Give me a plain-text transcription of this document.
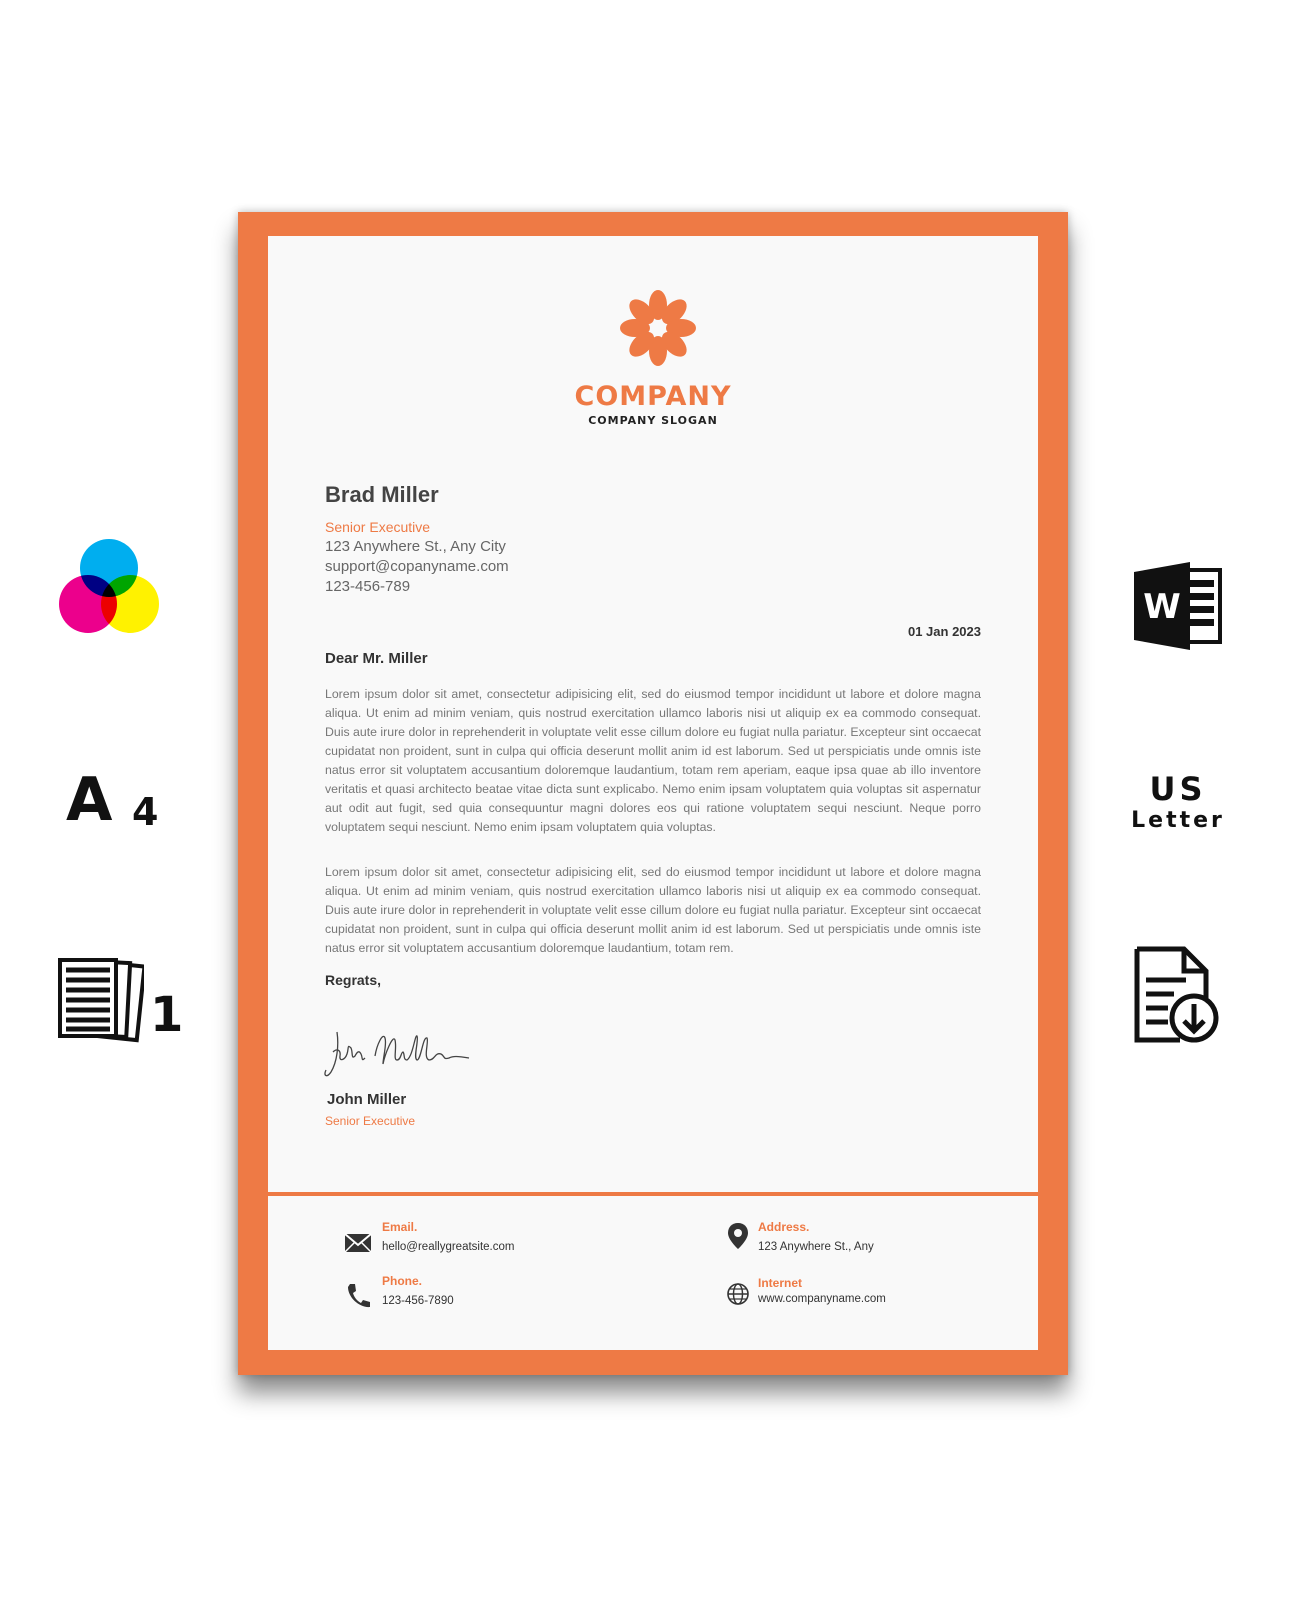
A 4
1
W
US
Letter
COMPANY
COMPANY SLOGAN
Brad Miller
Senior Executive
123 Anywhere St., Any City
support@copanyname.com
123-456-789
01 Jan 2023
Dear Mr. Miller
Lorem ipsum dolor sit amet, consectetur adipisicing elit, sed do eiusmod tempor incididunt ut labore et dolore magna aliqua. Ut enim ad minim veniam, quis nostrud exercitation ullamco laboris nisi ut aliquip ex ea commodo consequat. Duis aute irure dolor in reprehenderit in voluptate velit esse cillum dolore eu fugiat nulla pariatur. Excepteur sint occaecat cupidatat non proident, sunt in culpa qui officia deserunt mollit anim id est laborum. Sed ut perspiciatis unde omnis iste natus error sit voluptatem accusantium doloremque laudantium, totam rem aperiam, eaque ipsa quae ab illo inventore veritatis et quasi architecto beatae vitae dicta sunt explicabo. Nemo enim ipsam voluptatem quia voluptas sit aspernatur aut odit aut fugit, sed quia consequuntur magni dolores eos qui ratione voluptatem sequi nesciunt. Neque porro voluptatem sequi nesciunt. Nemo enim ipsam voluptatem quia voluptas.
Lorem ipsum dolor sit amet, consectetur adipisicing elit, sed do eiusmod tempor incididunt ut labore et dolore magna aliqua. Ut enim ad minim veniam, quis nostrud exercitation ullamco laboris nisi ut aliquip ex ea commodo consequat. Duis aute irure dolor in reprehenderit in voluptate velit esse cillum dolore eu fugiat nulla pariatur. Excepteur sint occaecat cupidatat non proident, sunt in culpa qui officia deserunt mollit anim id est laborum. Sed ut perspiciatis unde omnis iste natus error sit voluptatem accusantium doloremque laudantium, totam rem.
Regrats,
John Miller
Senior Executive
Email.
hello@reallygreatsite.com
Phone.
123-456-7890
Address.
123 Anywhere St., Any
Internet
www.companyname.com
